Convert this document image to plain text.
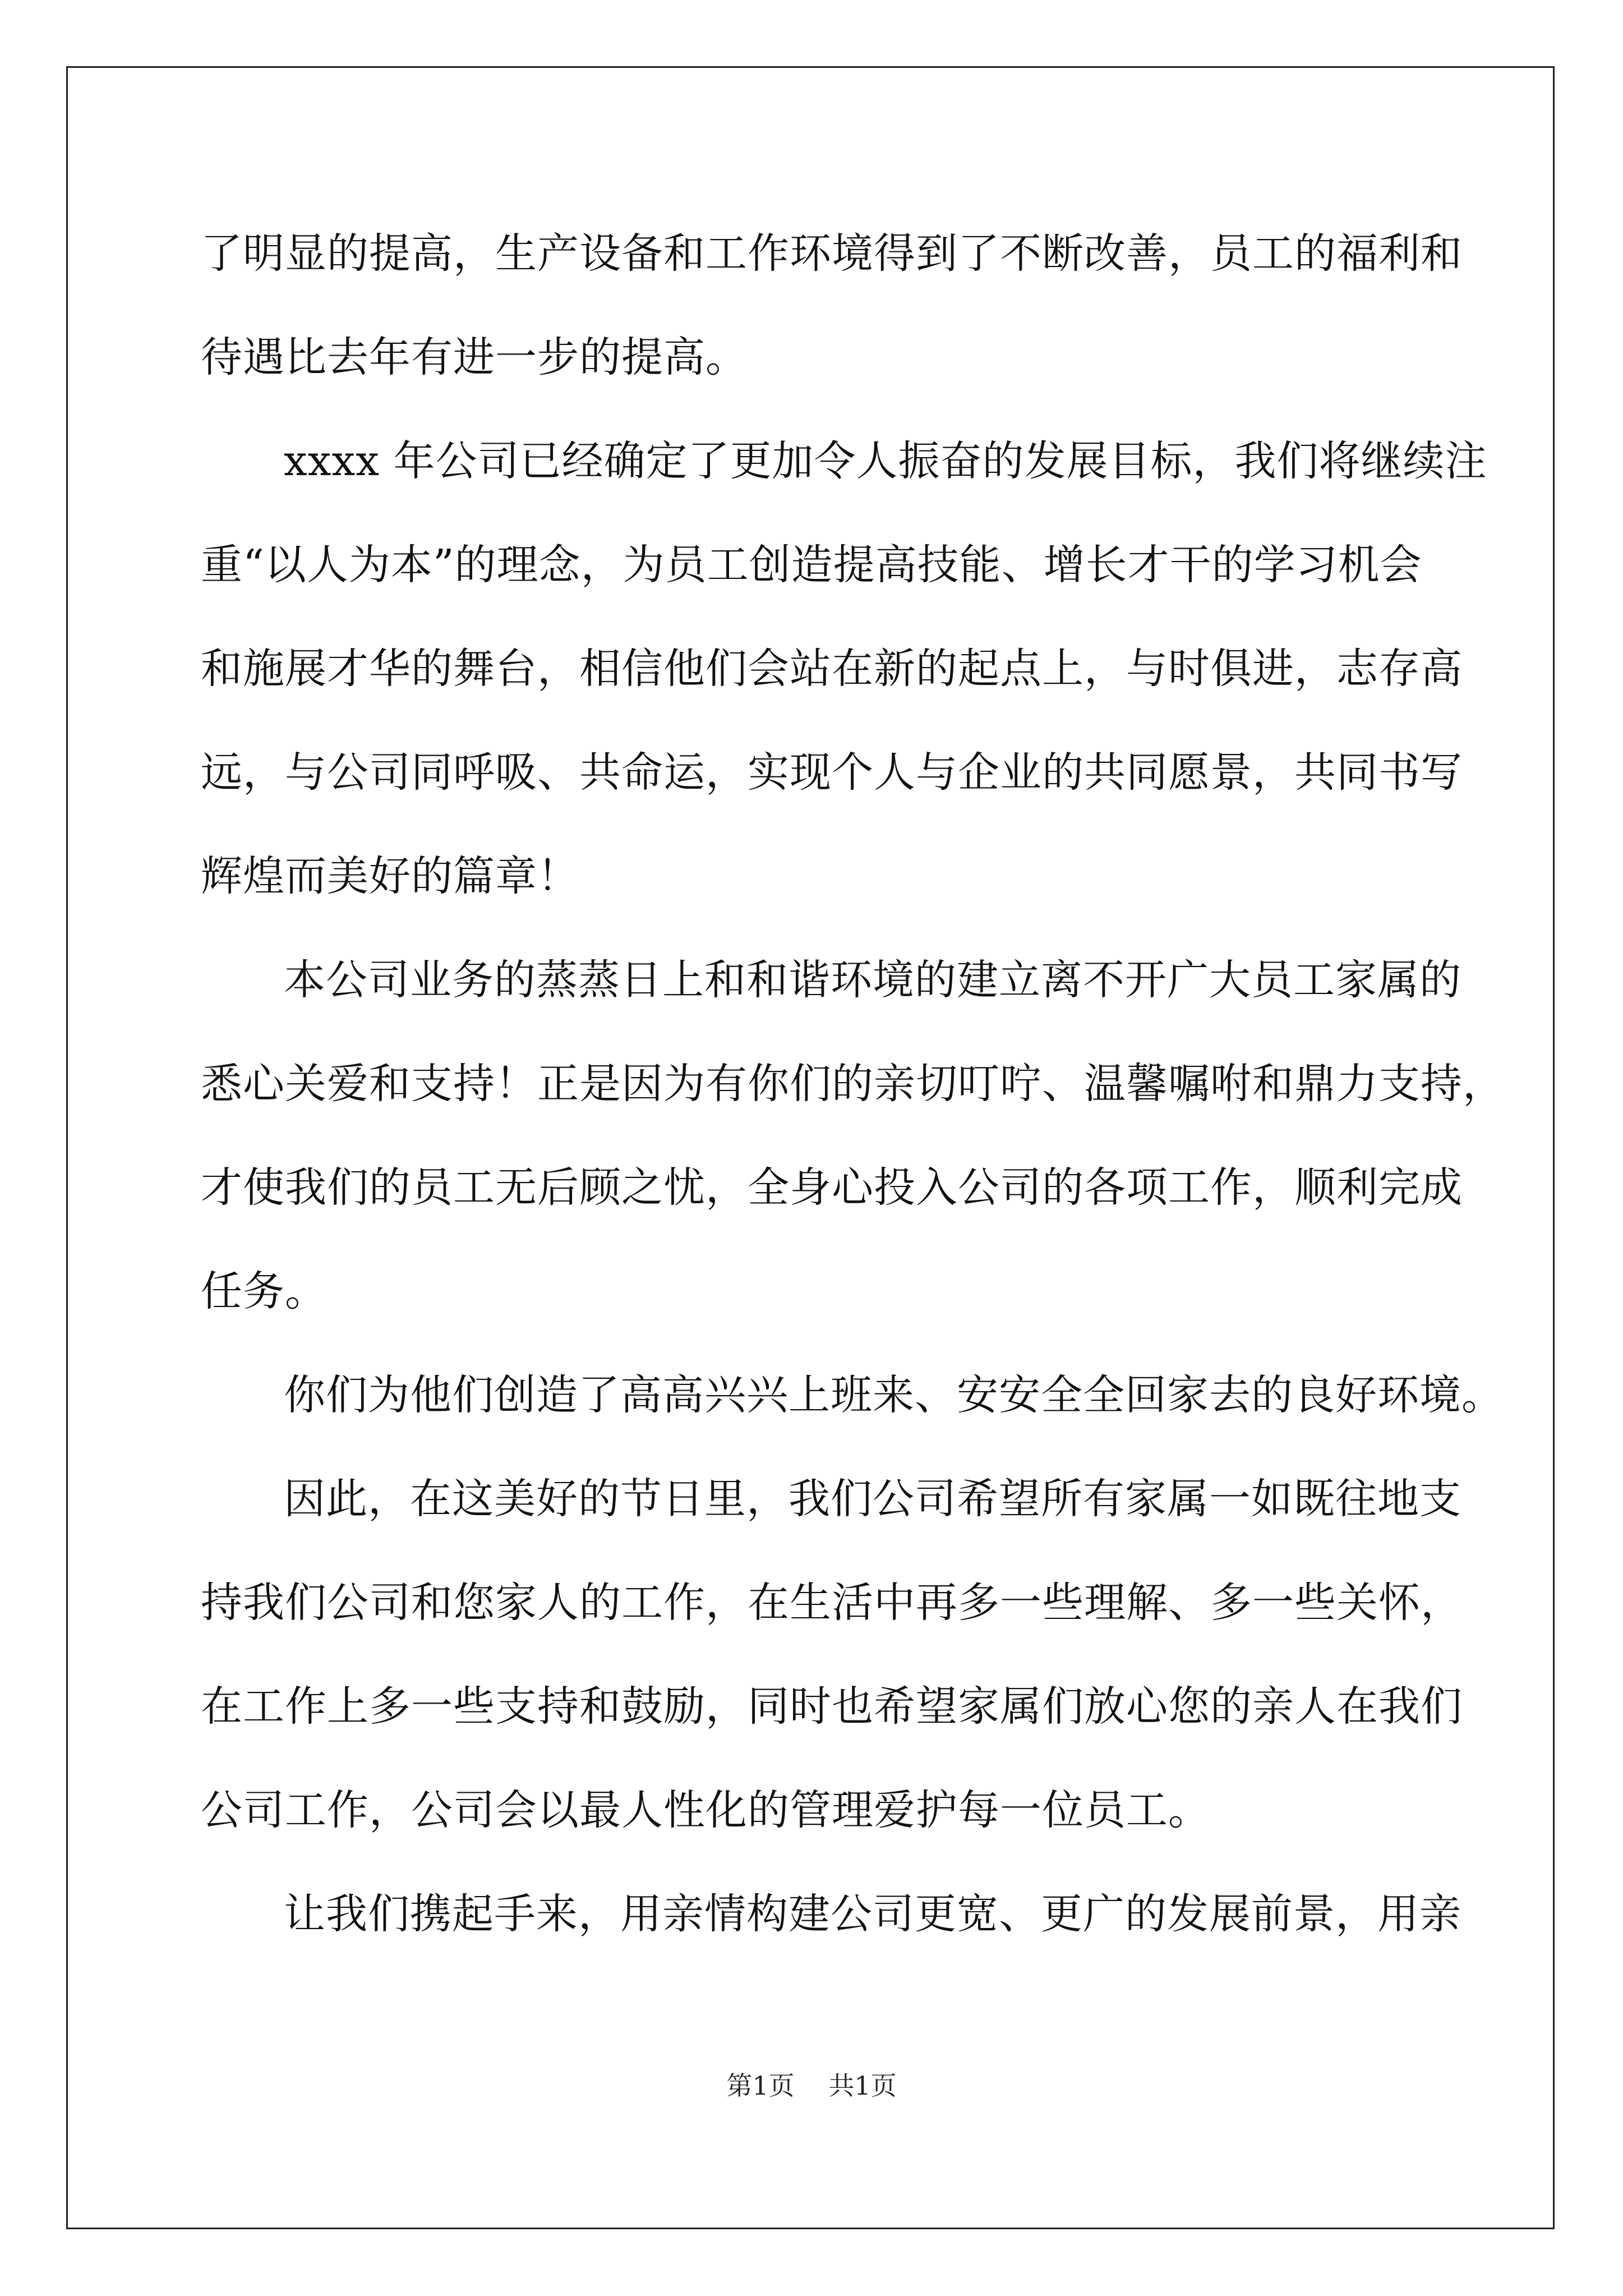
了明显的提高，生产设备和工作环境得到了不断改善，员工的福利和
待遇比去年有进一步的提高。
xxxx 年公司已经确定了更加令人振奋的发展目标，我们将继续注
重“以人为本”的理念，为员工创造提高技能、增长才干的学习机会
和施展才华的舞台，相信他们会站在新的起点上，与时俱进，志存高
远，与公司同呼吸、共命运，实现个人与企业的共同愿景，共同书写
辉煌而美好的篇章！
本公司业务的蒸蒸日上和和谐环境的建立离不开广大员工家属的
悉心关爱和支持！正是因为有你们的亲切叮咛、温馨嘱咐和鼎力支持，
才使我们的员工无后顾之忧，全身心投入公司的各项工作，顺利完成
任务。
你们为他们创造了高高兴兴上班来、安安全全回家去的良好环境。
因此，在这美好的节日里，我们公司希望所有家属一如既往地支
持我们公司和您家人的工作，在生活中再多一些理解、多一些关怀，
在工作上多一些支持和鼓励，同时也希望家属们放心您的亲人在我们
公司工作，公司会以最人性化的管理爱护每一位员工。
让我们携起手来，用亲情构建公司更宽、更广的发展前景，用亲
第1页 共1页
